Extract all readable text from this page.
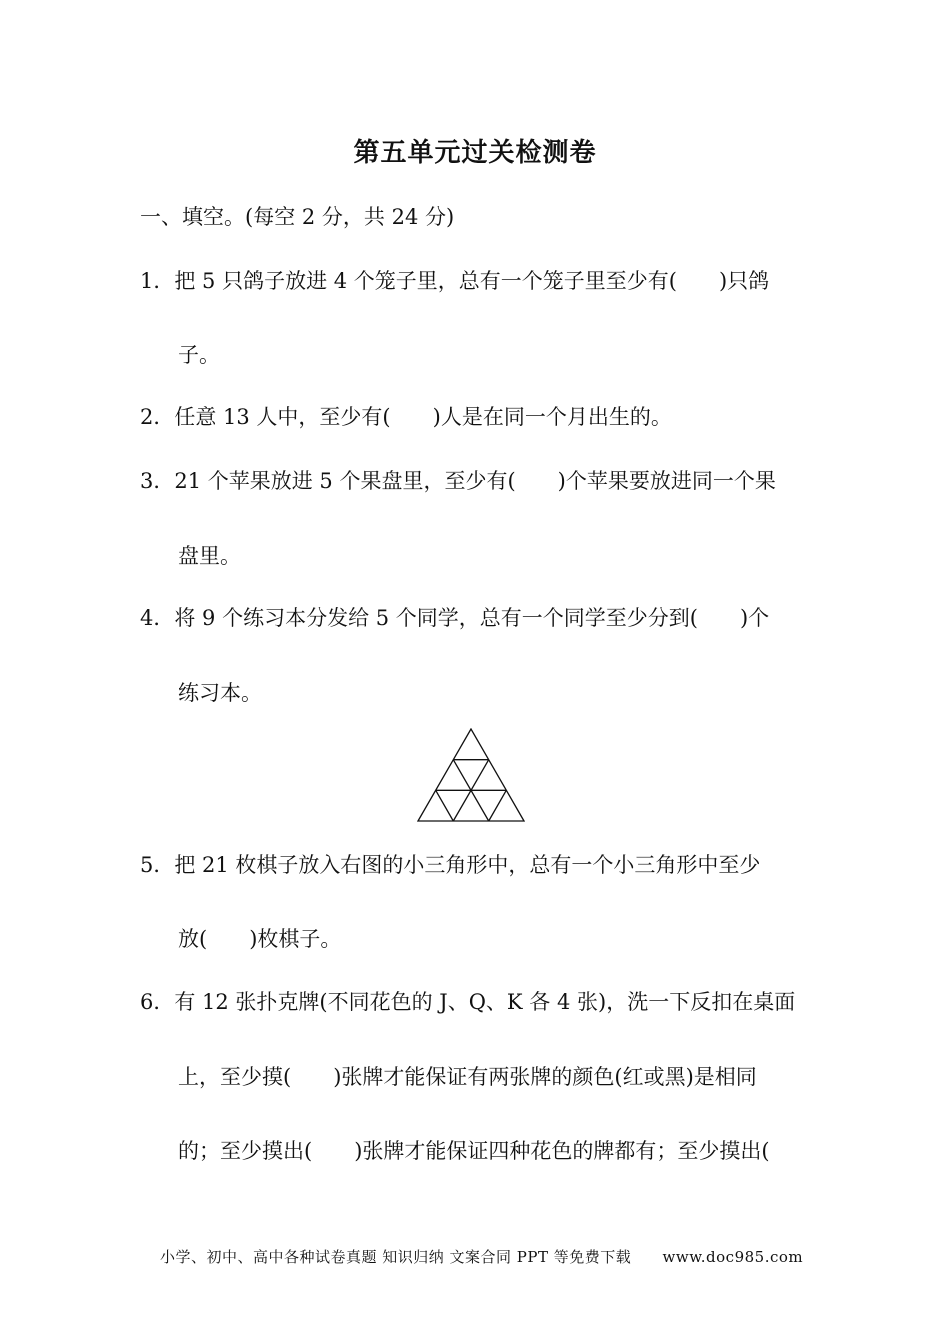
第五单元过关检测卷
一、填空。(每空 2 分，共 24 分)
1．把 5 只鸽子放进 4 个笼子里，总有一个笼子里至少有(　　)只鸽
子。
2．任意 13 人中，至少有(　　)人是在同一个月出生的。
3．21 个苹果放进 5 个果盘里，至少有(　　)个苹果要放进同一个果
盘里。
4．将 9 个练习本分发给 5 个同学，总有一个同学至少分到(　　)个
练习本。
5．把 21 枚棋子放入右图的小三角形中，总有一个小三角形中至少
放(　　)枚棋子。
6．有 12 张扑克牌(不同花色的 J、Q、K 各 4 张)，洗一下反扣在桌面
上，至少摸(　　)张牌才能保证有两张牌的颜色(红或黑)是相同
的；至少摸出(　　)张牌才能保证四种花色的牌都有；至少摸出(
小学、初中、高中各种试卷真题 知识归纳 文案合同 PPT 等免费下载 www.doc985.com
